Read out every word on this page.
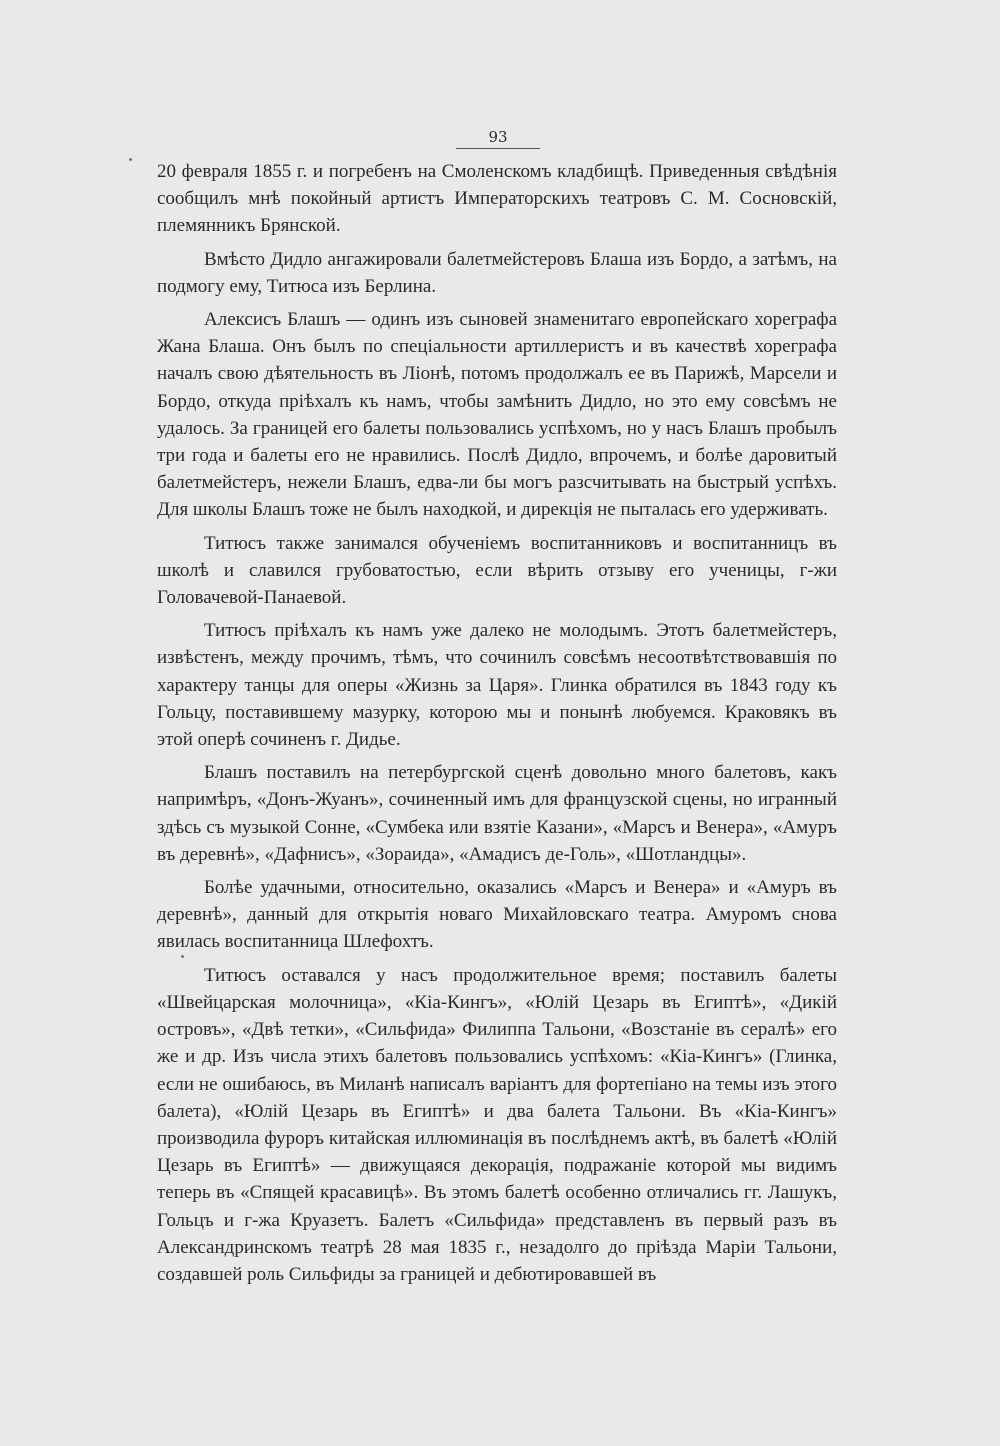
93

20 февраля 1855 г. и погребенъ на Смоленскомъ кладбищѣ. Приведенныя свѣдѣнія сообщилъ мнѣ покойный артистъ Императорскихъ театровъ С. М. Сосновскій, племянникъ Брянской.

Вмѣсто Дидло ангажировали балетмейстеровъ Блаша изъ Бордо, а затѣмъ, на подмогу ему, Титюса изъ Берлина.

Алексисъ Блашъ — одинъ изъ сыновей знаменитаго европейскаго хореграфа Жана Блаша. Онъ былъ по спеціальности артиллеристъ и въ качествѣ хореграфа началъ свою дѣятельность въ Ліонѣ, потомъ продолжалъ ее въ Парижѣ, Марсели и Бордо, откуда пріѣхалъ къ намъ, чтобы замѣнить Дидло, но это ему совсѣмъ не удалось. За границей его балеты пользовались успѣхомъ, но у насъ Блашъ пробылъ три года и балеты его не нравились. Послѣ Дидло, впрочемъ, и болѣе даровитый балетмейстеръ, нежели Блашъ, едва-ли бы могъ разсчитывать на быстрый успѣхъ. Для школы Блашъ тоже не былъ находкой, и дирекція не пыталась его удерживать.

Титюсъ также занимался обученіемъ воспитанниковъ и воспитанницъ въ школѣ и славился грубоватостью, если вѣрить отзыву его ученицы, г-жи Головачевой-Панаевой.

Титюсъ пріѣхалъ къ намъ уже далеко не молодымъ. Этотъ балетмейстеръ, извѣстенъ, между прочимъ, тѣмъ, что сочинилъ совсѣмъ несоотвѣтствовавшія по характеру танцы для оперы «Жизнь за Царя». Глинка обратился въ 1843 году къ Гольцу, поставившему мазурку, которою мы и понынѣ любуемся. Краковякъ въ этой оперѣ сочиненъ г. Дидье.

Блашъ поставилъ на петербургской сценѣ довольно много балетовъ, какъ напримѣръ, «Донъ-Жуанъ», сочиненный имъ для французской сцены, но игранный здѣсь съ музыкой Сонне, «Сумбека или взятіе Казани», «Марсъ и Венера», «Амуръ въ деревнѣ», «Дафнисъ», «Зораида», «Амадисъ де-Голь», «Шотландцы».

Болѣе удачными, относительно, оказались «Марсъ и Венера» и «Амуръ въ деревнѣ», данный для открытія новаго Михайловскаго театра. Амуромъ снова явилась воспитанница Шлефохтъ.

Титюсъ оставался у насъ продолжительное время; поставилъ балеты «Швейцарская молочница», «Кіа-Кингъ», «Юлій Цезарь въ Египтѣ», «Дикій островъ», «Двѣ тетки», «Сильфида» Филиппа Тальони, «Возстаніе въ сералѣ» его же и др. Изъ числа этихъ балетовъ пользовались успѣхомъ: «Кіа-Кингъ» (Глинка, если не ошибаюсь, въ Миланѣ написалъ варіантъ для фортепіано на темы изъ этого балета), «Юлій Цезарь въ Египтѣ» и два балета Тальони. Въ «Кіа-Кингъ» производила фуроръ китайская иллюминація въ послѣднемъ актѣ, въ балетѣ «Юлій Цезарь въ Египтѣ» — движущаяся декорація, подражаніе которой мы видимъ теперь въ «Спящей красавицѣ». Въ этомъ балетѣ особенно отличались гг. Лашукъ, Гольцъ и г-жа Круазетъ. Балетъ «Сильфида» представленъ въ первый разъ въ Александринскомъ театрѣ 28 мая 1835 г., незадолго до пріѣзда Маріи Тальони, создавшей роль Сильфиды за границей и дебютировавшей въ
